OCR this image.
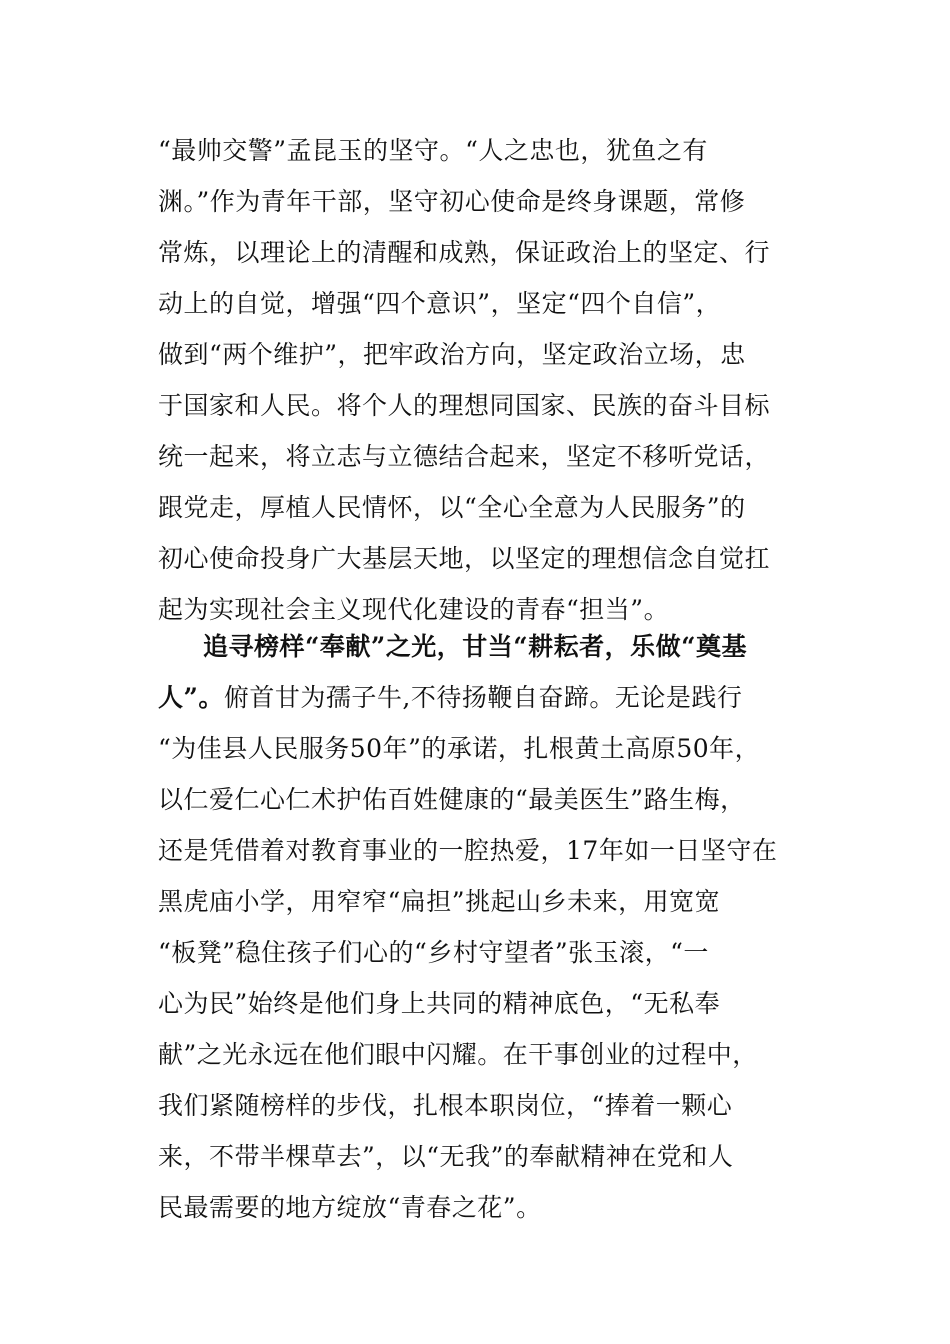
“最帅交警”孟昆玉的坚守。“人之忠也，犹鱼之有
渊。”作为青年干部，坚守初心使命是终身课题，常修
常炼，以理论上的清醒和成熟，保证政治上的坚定、行
动上的自觉，增强“四个意识”，坚定“四个自信”，
做到“两个维护”，把牢政治方向，坚定政治立场，忠
于国家和人民。将个人的理想同国家、民族的奋斗目标
统一起来，将立志与立德结合起来，坚定不移听党话，
跟党走，厚植人民情怀，以“全心全意为人民服务”的
初心使命投身广大基层天地，以坚定的理想信念自觉扛
起为实现社会主义现代化建设的青春“担当”。
追寻榜样“奉献”之光，甘当“耕耘者，乐做“奠基
人”。俯首甘为孺子牛,不待扬鞭自奋蹄。无论是践行
“为佳县人民服务50年”的承诺，扎根黄土高原50年，
以仁爱仁心仁术护佑百姓健康的“最美医生”路生梅，
还是凭借着对教育事业的一腔热爱，17年如一日坚守在
黑虎庙小学，用窄窄“扁担”挑起山乡未来，用宽宽
“板凳”稳住孩子们心的“乡村守望者”张玉滚，“一
心为民”始终是他们身上共同的精神底色，“无私奉
献”之光永远在他们眼中闪耀。在干事创业的过程中，
我们紧随榜样的步伐，扎根本职岗位，“捧着一颗心
来，不带半棵草去”，以“无我”的奉献精神在党和人
民最需要的地方绽放“青春之花”。
